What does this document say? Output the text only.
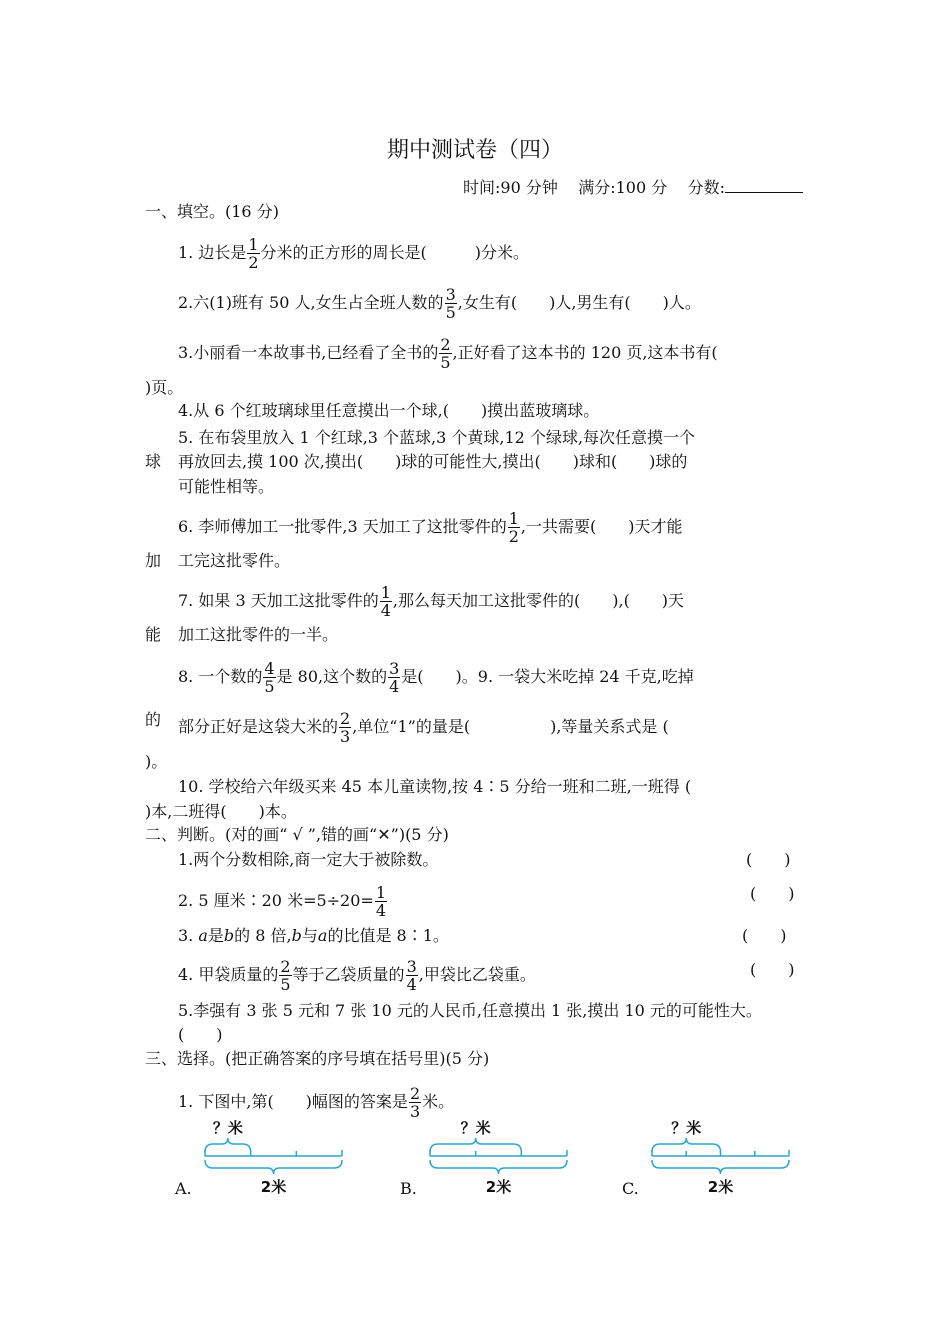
期中测试卷（四）
时间:90 分钟 满分:100 分 分数:
一、填空。(16 分)
1. 边长是 $\frac{1}{2}$ 分米的正方形的周长是(　　　)分米。
2.六(1)班有 50 人,女生占全班人数的 $\frac{3}{5}$ ,女生有(　　)人,男生有(　　)人。
3.小丽看一本故事书,已经看了全书的 $\frac{2}{5}$ ,正好看了这本书的 120 页,这本书有(
)页。
4.从 6 个红玻璃球里任意摸出一个球,(　　)摸出蓝玻璃球。
5. 在布袋里放入 1 个红球,3 个蓝球,3 个黄球,12 个绿球,每次任意摸一个
球 再放回去,摸 100 次,摸出(　　)球的可能性大,摸出(　　)球和(　　)球的
可能性相等。
6. 李师傅加工一批零件,3 天加工了这批零件的 $\frac{1}{2}$ ,一共需要(　　)天才能
加 工完这批零件。
7. 如果 3 天加工这批零件的 $\frac{1}{4}$ ,那么每天加工这批零件的(　　),(　　)天
能 加工这批零件的一半。
8. 一个数的 $\frac{4}{5}$ 是 80,这个数的 $\frac{3}{4}$ 是(　　)。9. 一袋大米吃掉 24 千克,吃掉
的 部分正好是这袋大米的 $\frac{2}{3}$ ,单位“1”的量是(　　　　　),等量关系式是 (
)。
10. 学校给六年级买来 45 本儿童读物,按 4∶5 分给一班和二班,一班得 (
)本,二班得(　　)本。
二、判断。(对的画“ √ ”,错的画“✕”)(5 分)
1.两个分数相除,商一定大于被除数。	(　　)
2. 5 厘米∶20 米$=5\div 20= \frac{1}{4}$	(　　)
3. a是b的 8 倍,b与a的比值是 8∶1。	(　　)
4. 甲袋质量的 $\frac{2}{5}$ 等于乙袋质量的 $\frac{3}{4}$ ,甲袋比乙袋重。	(　　)
5.李强有 3 张 5 元和 7 张 10 元的人民币,任意摸出 1 张,摸出 10 元的可能性大。
(　　)
三、选择。(把正确答案的序号填在括号里)(5 分)
1. 下图中,第(　　)幅图的答案是 $\frac{2}{3}$ 米。
A.
？米
2米	B.
？米
2米	C.
？米
2米
